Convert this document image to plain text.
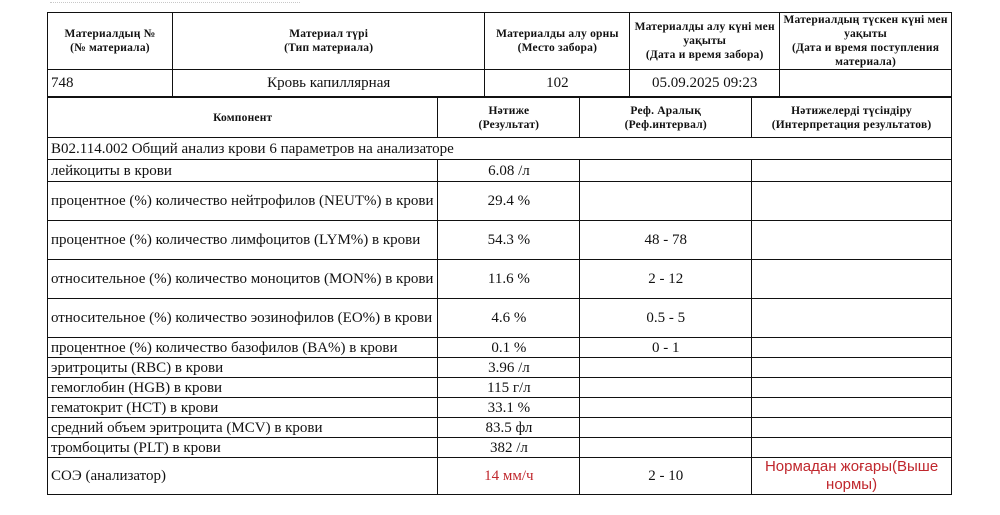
Материалдың №
(№ материала)

Материал түрі
(Тип материала)

Материалды алу орны
(Место забора)

Материалды алу күні мен уақыты
(Дата и время забора)

Материалдың түскен күні мен уақыты
(Дата и время поступления материала)

748	Кровь капиллярная	102	05.09.2025 09:23	
Компонент	
Нәтиже
(Результат)

Реф. Аралық
(Реф.интервал)

Нәтижелерді түсіндіру
(Интерпретация результатов)

B02.114.002 Общий анализ крови 6 параметров на анализаторе			
лейкоциты в крови	6.08 /л		
процентное (%) количество нейтрофилов (NEUT%) в крови	29.4 %		
процентное (%) количество лимфоцитов (LYM%) в крови	54.3 %	48 - 78	
относительное (%) количество моноцитов (MON%) в крови	11.6 %	2 - 12	
относительное (%) количество эозинофилов (EO%) в крови	4.6 %	0.5 - 5	
процентное (%) количество базофилов (BA%) в крови	0.1 %	0 - 1	
эритроциты (RBC) в крови	3.96 /л		
гемоглобин (HGB) в крови	115 г/л		
гематокрит (HCT) в крови	33.1 %		
средний объем эритроцита (MCV) в крови	83.5 фл		
тромбоциты (PLT) в крови	382 /л		
СОЭ (анализатор)	14 мм/ч	2 - 10	Нормадан жоғары(Выше нормы)
